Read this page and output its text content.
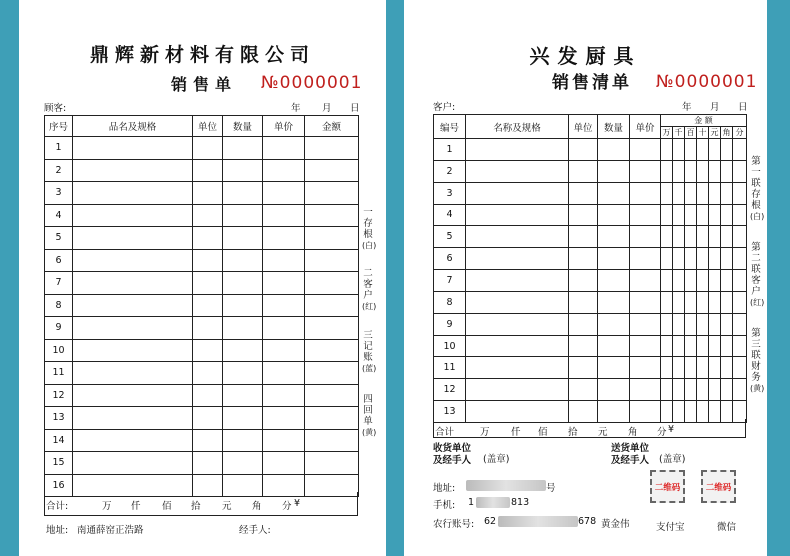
鼎辉新材料有限公司
销售单 №0000001
顾客:	年 月 日
序号	品名及规格	单位	数量	单价	金额
1					
2					
3					
4					
5					
6					
7					
8					
9					
10					
11					
12					
13					
14					
15					
16					
合计:	万 仟 佰 拾 元 角 分 ¥
一
存
根
(白)
二
客
户
(红)
三
记
账
(蓝)
四
回
单
(黄)
地址: 南通薛窑正浩路	经手人:
兴发厨具
销售清单 №0000001
客户:	年 月 日
编号	名称及规格	单位	数量	单价	金 额						
					万	千	百	十	元	角	分
1											
2											
3											
4											
5											
6											
7											
8											
9											
10											
11											
12											
13											
合计	万 仟 佰 拾 元 角 分 ¥
第
一
联
存
根
(白)
第
二
联
客
户
(红)
第
三
联
财
务
(黄)
收货单位
及经手人 (盖章)
送货单位
及经手人 (盖章)
地址:	号
手机: 1	813
农行账号: 62	678 黄金伟
二维码	二维码
支付宝	微信
